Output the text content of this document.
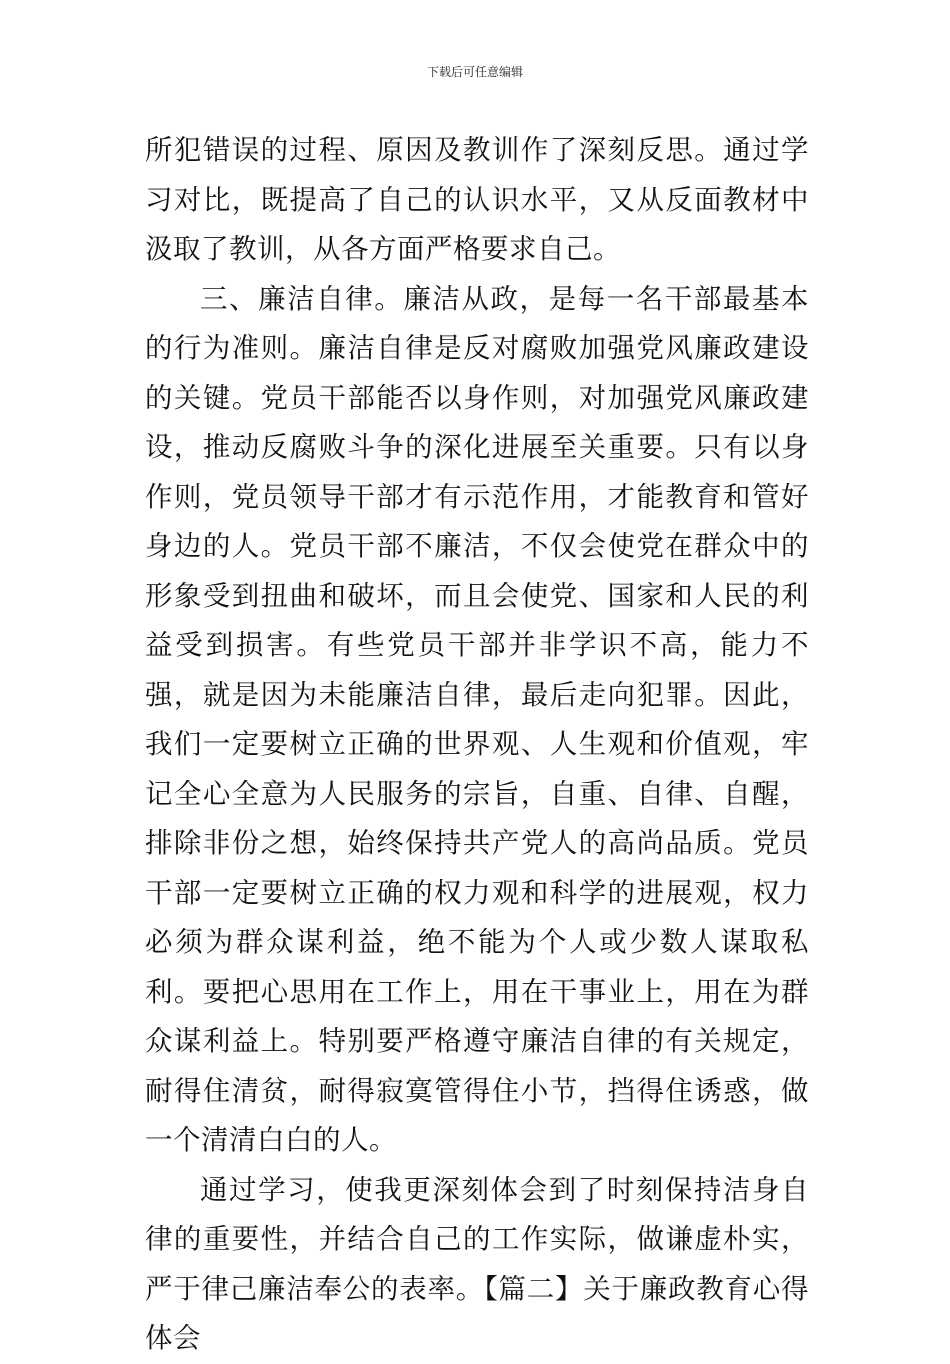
下载后可任意编辑

所犯错误的过程、原因及教训作了深刻反思。通过学习对比，既提高了自己的认识水平，又从反面教材中汲取了教训，从各方面严格要求自己。

三、廉洁自律。廉洁从政，是每一名干部最基本的行为准则。廉洁自律是反对腐败加强党风廉政建设的关键。党员干部能否以身作则，对加强党风廉政建设，推动反腐败斗争的深化进展至关重要。只有以身作则，党员领导干部才有示范作用，才能教育和管好身边的人。党员干部不廉洁，不仅会使党在群众中的形象受到扭曲和破坏，而且会使党、国家和人民的利益受到损害。有些党员干部并非学识不高，能力不强，就是因为未能廉洁自律，最后走向犯罪。因此，我们一定要树立正确的世界观、人生观和价值观，牢记全心全意为人民服务的宗旨，自重、自律、自醒，排除非份之想，始终保持共产党人的高尚品质。党员干部一定要树立正确的权力观和科学的进展观，权力必须为群众谋利益，绝不能为个人或少数人谋取私利。要把心思用在工作上，用在干事业上，用在为群众谋利益上。特别要严格遵守廉洁自律的有关规定，耐得住清贫，耐得寂寞管得住小节，挡得住诱惑，做一个清清白白的人。

通过学习，使我更深刻体会到了时刻保持洁身自律的重要性，并结合自己的工作实际，做谦虚朴实，严于律己廉洁奉公的表率。【篇二】关于廉政教育心得体会
